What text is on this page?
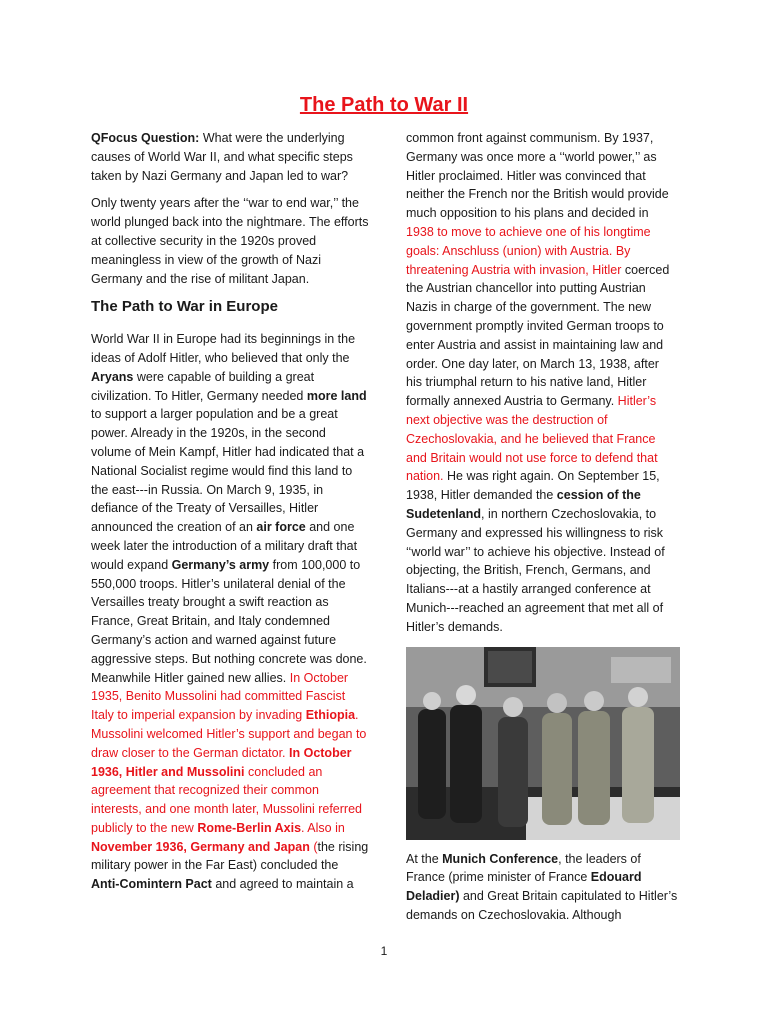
The Path to War II

QFocus Question: What were the underlying causes of World War II, and what specific steps taken by Nazi Germany and Japan led to war?

Only twenty years after the ‘‘war to end war,’’ the world plunged back into the nightmare. The efforts at collective security in the 1920s proved meaningless in view of the growth of Nazi Germany and the rise of militant Japan.

The Path to War in Europe

World War II in Europe had its beginnings in the ideas of Adolf Hitler, who believed that only the Aryans were capable of building a great civilization. To Hitler, Germany needed more land to support a larger population and be a great power. Already in the 1920s, in the second volume of Mein Kampf, Hitler had indicated that a National Socialist regime would find this land to the east---in Russia. On March 9, 1935, in defiance of the Treaty of Versailles, Hitler announced the creation of an air force and one week later the introduction of a military draft that would expand Germany’s army from 100,000 to 550,000 troops. Hitler’s unilateral denial of the Versailles treaty brought a swift reaction as France, Great Britain, and Italy condemned Germany’s action and warned against future aggressive steps. But nothing concrete was done. Meanwhile Hitler gained new allies. In October 1935, Benito Mussolini had committed Fascist Italy to imperial expansion by invading Ethiopia. Mussolini welcomed Hitler’s support and began to draw closer to the German dictator. In October 1936, Hitler and Mussolini concluded an agreement that recognized their common interests, and one month later, Mussolini referred publicly to the new Rome-Berlin Axis. Also in November 1936, Germany and Japan (the rising military power in the Far East) concluded the Anti-Comintern Pact and agreed to maintain a

common front against communism. By 1937, Germany was once more a ‘‘world power,’’ as Hitler proclaimed. Hitler was convinced that neither the French nor the British would provide much opposition to his plans and decided in 1938 to move to achieve one of his longtime goals: Anschluss (union) with Austria. By threatening Austria with invasion, Hitler coerced the Austrian chancellor into putting Austrian Nazis in charge of the government. The new government promptly invited German troops to enter Austria and assist in maintaining law and order. One day later, on March 13, 1938, after his triumphal return to his native land, Hitler formally annexed Austria to Germany. Hitler’s next objective was the destruction of Czechoslovakia, and he believed that France and Britain would not use force to defend that nation. He was right again. On September 15, 1938, Hitler demanded the cession of the Sudetenland, in northern Czechoslovakia, to Germany and expressed his willingness to risk ‘‘world war’’ to achieve his objective. Instead of objecting, the British, French, Germans, and Italians---at a hastily arranged conference at Munich---reached an agreement that met all of Hitler’s demands.

At the Munich Conference, the leaders of France (prime minister of France Edouard Deladier) and Great Britain capitulated to Hitler’s demands on Czechoslovakia. Although

1
